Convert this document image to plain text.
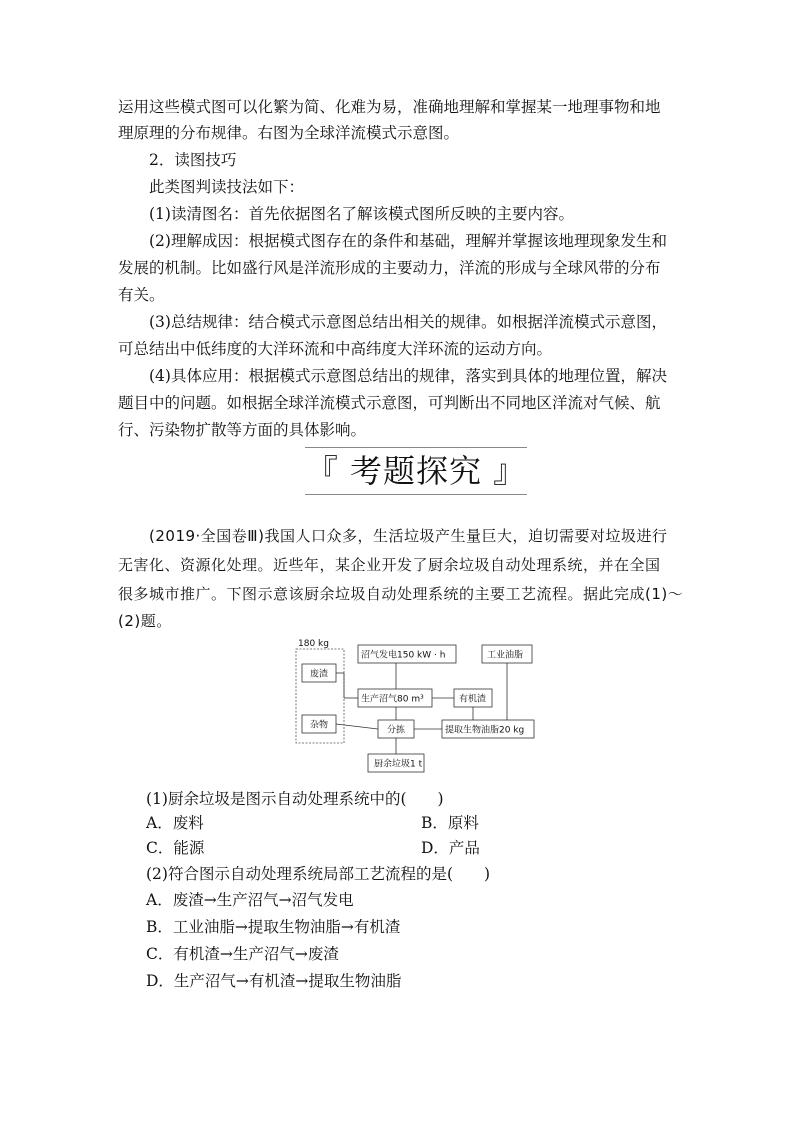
运用这些模式图可以化繁为简、化难为易，准确地理解和掌握某一地理事物和地
理原理的分布规律。右图为全球洋流模式示意图。
2．读图技巧
此类图判读技法如下：
(1)读清图名：首先依据图名了解该模式图所反映的主要内容。
(2)理解成因：根据模式图存在的条件和基础，理解并掌握该地理现象发生和
发展的机制。比如盛行风是洋流形成的主要动力，洋流的形成与全球风带的分布
有关。
(3)总结规律：结合模式示意图总结出相关的规律。如根据洋流模式示意图，
可总结出中低纬度的大洋环流和中高纬度大洋环流的运动方向。
(4)具体应用：根据模式示意图总结出的规律，落实到具体的地理位置，解决
题目中的问题。如根据全球洋流模式示意图，可判断出不同地区洋流对气候、航
行、污染物扩散等方面的具体影响。
『 考题探究 』
(2019·全国卷Ⅲ)我国人口众多，生活垃圾产生量巨大，迫切需要对垃圾进行
无害化、资源化处理。近些年，某企业开发了厨余垃圾自动处理系统，并在全国
很多城市推广。下图示意该厨余垃圾自动处理系统的主要工艺流程。据此完成(1)～
(2)题。
180 kg
废渣
杂物
沼气发电150 kW · h
生产沼气80 m³	有机渣
工业油脂
分拣	提取生物油脂20 kg
厨余垃圾1 t
(1)厨余垃圾是图示自动处理系统中的(　　)
A．废料	B．原料
C．能源	D．产品
(2)符合图示自动处理系统局部工艺流程的是(　　)
A．废渣→生产沼气→沼气发电
B．工业油脂→提取生物油脂→有机渣
C．有机渣→生产沼气→废渣
D．生产沼气→有机渣→提取生物油脂
